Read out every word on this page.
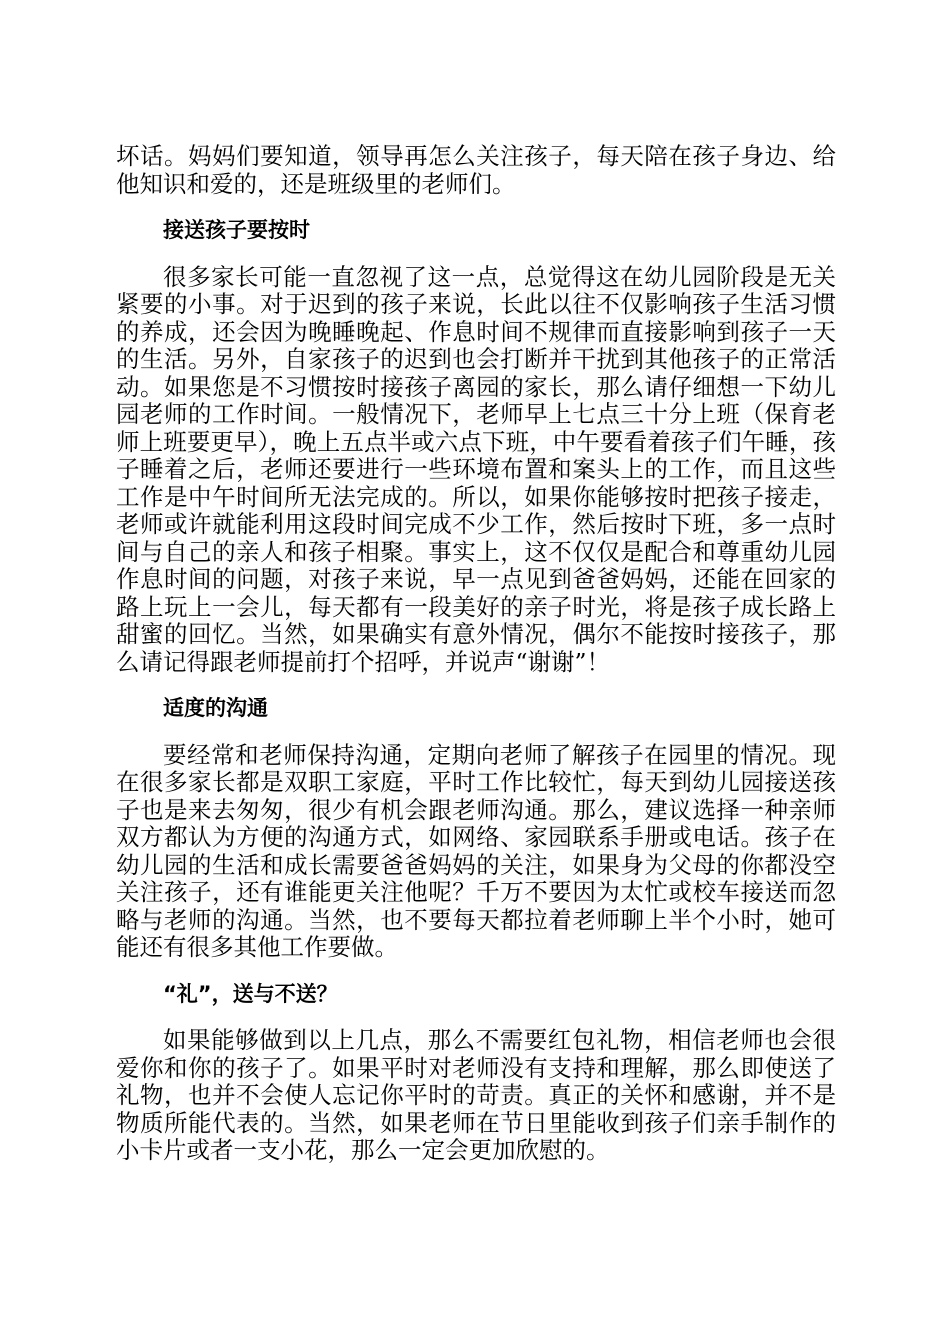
坏话。妈妈们要知道，领导再怎么关注孩子，每天陪在孩子身边、给他知识和爱的，还是班级里的老师们。

接送孩子要按时

很多家长可能一直忽视了这一点，总觉得这在幼儿园阶段是无关紧要的小事。对于迟到的孩子来说，长此以往不仅影响孩子生活习惯的养成，还会因为晚睡晚起、作息时间不规律而直接影响到孩子一天的生活。另外，自家孩子的迟到也会打断并干扰到其他孩子的正常活动。如果您是不习惯按时接孩子离园的家长，那么请仔细想一下幼儿园老师的工作时间。一般情况下，老师早上七点三十分上班（保育老师上班要更早），晚上五点半或六点下班，中午要看着孩子们午睡，孩子睡着之后，老师还要进行一些环境布置和案头上的工作，而且这些工作是中午时间所无法完成的。所以，如果你能够按时把孩子接走，老师或许就能利用这段时间完成不少工作，然后按时下班，多一点时间与自己的亲人和孩子相聚。事实上，这不仅仅是配合和尊重幼儿园作息时间的问题，对孩子来说，早一点见到爸爸妈妈，还能在回家的路上玩上一会儿，每天都有一段美好的亲子时光，将是孩子成长路上甜蜜的回忆。当然，如果确实有意外情况，偶尔不能按时接孩子，那么请记得跟老师提前打个招呼，并说声“谢谢”！

适度的沟通

要经常和老师保持沟通，定期向老师了解孩子在园里的情况。现在很多家长都是双职工家庭，平时工作比较忙，每天到幼儿园接送孩子也是来去匆匆，很少有机会跟老师沟通。那么，建议选择一种亲师双方都认为方便的沟通方式，如网络、家园联系手册或电话。孩子在幼儿园的生活和成长需要爸爸妈妈的关注，如果身为父母的你都没空关注孩子，还有谁能更关注他呢？千万不要因为太忙或校车接送而忽略与老师的沟通。当然，也不要每天都拉着老师聊上半个小时，她可能还有很多其他工作要做。

“礼”，送与不送？

如果能够做到以上几点，那么不需要红包礼物，相信老师也会很爱你和你的孩子了。如果平时对老师没有支持和理解，那么即使送了礼物，也并不会使人忘记你平时的苛责。真正的关怀和感谢，并不是物质所能代表的。当然，如果老师在节日里能收到孩子们亲手制作的小卡片或者一支小花，那么一定会更加欣慰的。
